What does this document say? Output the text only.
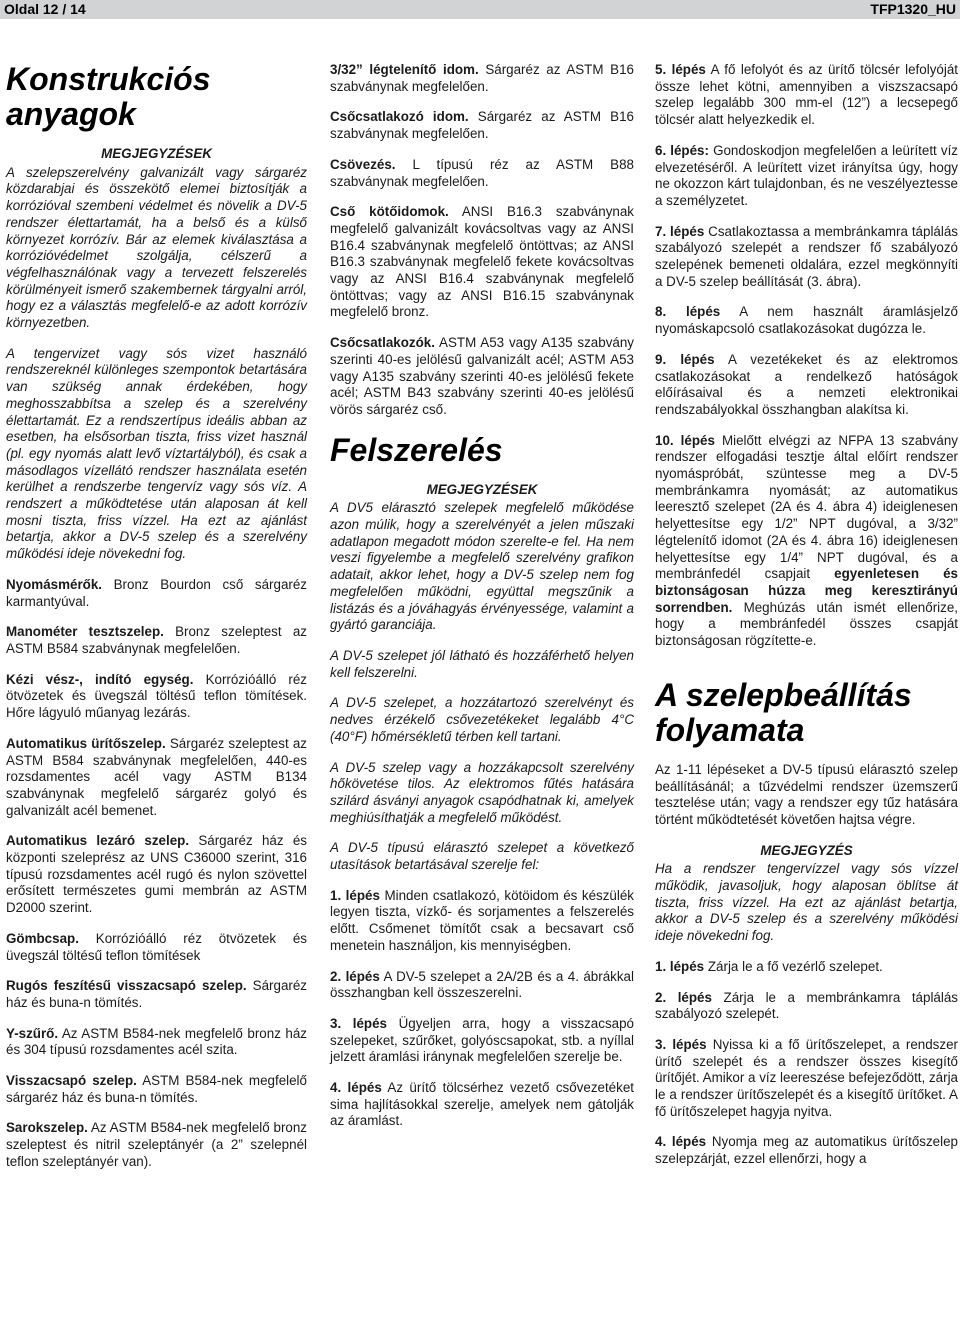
Oldal 12 / 14	TFP1320_HU
Konstrukciós anyagok
MEGJEGYZÉSEK

A szelepszerelvény galvanizált vagy sárgaréz közdarabjai és összekötő elemei biztosítják a korrózióval szembeni védelmet és növelik a DV-5 rendszer élettartamát, ha a belső és a külső környezet korrózív. Bár az elemek kiválasztása a korrózióvédelmet szolgálja, célszerű a végfelhasználónak vagy a tervezett felszerelés körülményeit ismerő szakembernek tárgyalni arról, hogy ez a választás megfelelő-e az adott korrózív környezetben.

A tengervizet vagy sós vizet használó rendszereknél különleges szempontok betartására van szükség annak érdekében, hogy meghosszabbítsa a szelep és a szerelvény élettartamát. Ez a rendszertípus ideális abban az esetben, ha elsősorban tiszta, friss vizet használ (pl. egy nyomás alatt levő víztartályból), és csak a másodlagos vízellátó rendszer használata esetén kerülhet a rendszerbe tengervíz vagy sós víz. A rendszert a működtetése után alaposan át kell mosni tiszta, friss vízzel. Ha ezt az ajánlást betartja, akkor a DV-5 szelep és a szerelvény működési ideje növekedni fog.

Nyomásmérők. Bronz Bourdon cső sárgaréz karmantyúval.

Manométer tesztszelep. Bronz szeleptest az ASTM B584 szabványnak megfelelően.

Kézi vész-, indító egység. Korrózióálló réz ötvözetek és üvegszál töltésű teflon tömítések. Hőre lágyuló műanyag lezárás.

Automatikus ürítőszelep. Sárgaréz szeleptest az ASTM B584 szabványnak megfelelően, 440-es rozsdamentes acél vagy ASTM B134 szabványnak megfelelő sárgaréz golyó és galvanizált acél bemenet.

Automatikus lezáró szelep. Sárgaréz ház és központi szeleprész az UNS C36000 szerint, 316 típusú rozsdamentes acél rugó és nylon szövettel erősített természetes gumi membrán az ASTM D2000 szerint.

Gömbcsap. Korrózióálló réz ötvözetek és üvegszál töltésű teflon tömítések

Rugós feszítésű visszacsapó szelep. Sárgaréz ház és buna-n tömítés.

Y-szűrő. Az ASTM B584-nek megfelelő bronz ház és 304 típusú rozsdamentes acél szita.

Visszacsapó szelep. ASTM B584-nek megfelelő sárgaréz ház és buna-n tömítés.

Sarokszelep. Az ASTM B584-nek megfelelő bronz szeleptest és nitril szeleptányér (a 2” szelepnél teflon szeleptányér van).

3/32” légtelenítő idom. Sárgaréz az ASTM B16 szabványnak megfelelően.

Csőcsatlakozó idom. Sárgaréz az ASTM B16 szabványnak megfelelően.

Csövezés. L típusú réz az ASTM B88 szabványnak megfelelően.

Cső kötőidomok. ANSI B16.3 szabványnak megfelelő galvanizált kovácsoltvas vagy az ANSI B16.4 szabványnak megfelelő öntöttvas; az ANSI B16.3 szabványnak megfelelő fekete kovácsoltvas vagy az ANSI B16.4 szabványnak megfelelő öntöttvas; vagy az ANSI B16.15 szabványnak megfelelő bronz.

Csőcsatlakozók. ASTM A53 vagy A135 szabvány szerinti 40-es jelölésű galvanizált acél; ASTM A53 vagy A135 szabvány szerinti 40-es jelölésű fekete acél; ASTM B43 szabvány szerinti 40-es jelölésű vörös sárgaréz cső.

Felszerelés
MEGJEGYZÉSEK

A DV5 elárasztó szelepek megfelelő működése azon múlik, hogy a szerelvényét a jelen műszaki adatlapon megadott módon szerelte-e fel. Ha nem veszi figyelembe a megfelelő szerelvény grafikon adatait, akkor lehet, hogy a DV-5 szelep nem fog megfelelően működni, együttal megszűnik a listázás és a jóváhagyás érvényessége, valamint a gyártó garanciája.

A DV-5 szelepet jól látható és hozzáférhető helyen kell felszerelni.

A DV-5 szelepet, a hozzátartozó szerelvényt és nedves érzékelő csővezetékeket legalább 4°C (40°F) hőmérsékletű térben kell tartani.

A DV-5 szelep vagy a hozzákapcsolt szerelvény hőkövetése tilos. Az elektromos fűtés hatására szilárd ásványi anyagok csapódhatnak ki, amelyek meghiúsíthatják a megfelelő működést.

A DV-5 típusú elárasztó szelepet a következő utasítások betartásával szerelje fel:

1. lépés Minden csatlakozó, kötöidom és készülék legyen tiszta, vízkő- és sorjamentes a felszerelés előtt. Csőmenet tömítőt csak a becsavart cső menetein használjon, kis mennyiségben.

2. lépés A DV-5 szelepet a 2A/2B és a 4. ábrákkal összhangban kell összeszerelni.

3. lépés Ügyeljen arra, hogy a visszacsapó szelepeket, szűrőket, golyóscsapokat, stb. a nyíllal jelzett áramlási iránynak megfelelően szerelje be.

4. lépés Az ürítő tölcsérhez vezető csővezetéket sima hajlításokkal szerelje, amelyek nem gátolják az áramlást.

5. lépés A fő lefolyót és az ürítő tölcsér lefolyóját össze lehet kötni, amennyiben a viszszacsapó szelep legalább 300 mm-el (12”) a lecsepegő tölcsér alatt helyezkedik el.

6. lépés: Gondoskodjon megfelelően a leürített víz elvezetéséről. A leürített vizet irányítsa úgy, hogy ne okozzon kárt tulajdonban, és ne veszélyeztesse a személyzetet.

7. lépés Csatlakoztassa a membránkamra táplálás szabályozó szelepét a rendszer fő szabályozó szelepének bemeneti oldalára, ezzel megkönnyíti a DV-5 szelep beállítását (3. ábra).

8. lépés A nem használt áramlásjelző nyomáskapcsoló csatlakozásokat dugózza le.

9. lépés A vezetékeket és az elektromos csatlakozásokat a rendelkező hatóságok előírásaival és a nemzeti elektronikai rendszabályokkal összhangban alakítsa ki.

10. lépés Mielőtt elvégzi az NFPA 13 szabvány rendszer elfogadási tesztje által előírt rendszer nyomáspróbát, szüntesse meg a DV-5 membránkamra nyomását; az automatikus leeresztő szelepet (2A és 4. ábra 4) ideiglenesen helyettesítse egy 1/2” NPT dugóval, a 3/32” légtelenítő idomot (2A és 4. ábra 16) ideiglenesen helyettesítse egy 1/4” NPT dugóval, és a membránfedél csapjait egyenletesen és biztonságosan húzza meg keresztirányú sorrendben. Meghúzás után ismét ellenőrize, hogy a membránfedél összes csapját biztonságosan rögzítette-e.

A szelepbeállítás folyamata

Az 1-11 lépéseket a DV-5 típusú elárasztó szelep beállításánál; a tűzvédelmi rendszer üzemszerű tesztelése után; vagy a rendszer egy tűz hatására történt működtetését követően hajtsa végre.

MEGJEGYZÉS

Ha a rendszer tengervízzel vagy sós vízzel működik, javasoljuk, hogy alaposan öblítse át tiszta, friss vízzel. Ha ezt az ajánlást betartja, akkor a DV-5 szelep és a szerelvény működési ideje növekedni fog.

1. lépés Zárja le a fő vezérlő szelepet.

2. lépés Zárja le a membránkamra táplálás szabályozó szelepét.

3. lépés Nyissa ki a fő ürítőszelepet, a rendszer ürítő szelepét és a rendszer összes kisegítő ürítőjét. Amikor a víz leereszése befejeződött, zárja le a rendszer ürítőszelepét és a kisegítő ürítőket. A fő ürítőszelepet hagyja nyitva.

4. lépés Nyomja meg az automatikus ürítőszelep szelepzárját, ezzel ellenőrzi, hogy a
